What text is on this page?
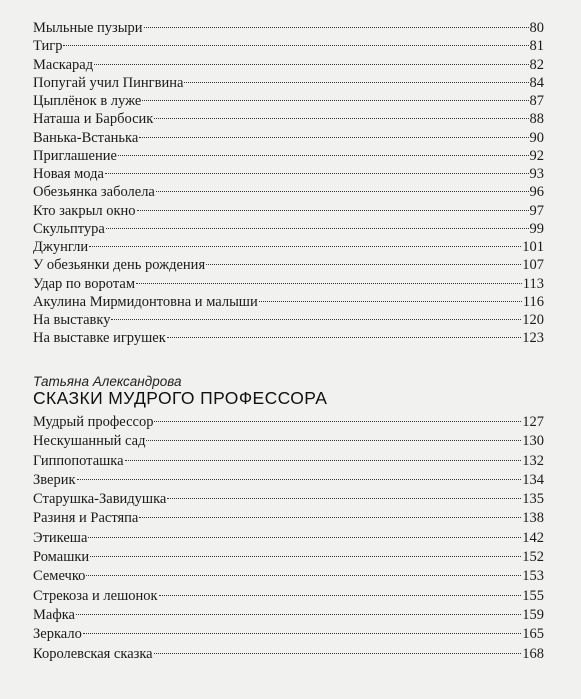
Мыльные пузыри	80
Тигр	81
Маскарад	82
Попугай учил Пингвина	84
Цыплёнок в луже	87
Наташа и Барбосик	88
Ванька-Встанька	90
Приглашение	92
Новая мода	93
Обезьянка заболела	96
Кто закрыл окно	97
Скульптура	99
Джунгли	101
У обезьянки день рождения	107
Удар по воротам	113
Акулина Мирмидонтовна и малыши	116
На выставку	120
На выставке игрушек	123
Татьяна Александрова
СКАЗКИ МУДРОГО ПРОФЕССОРА
Мудрый профессор	127
Нескушанный сад	130
Гиппопоташка	132
Зверик	134
Старушка-Завидушка	135
Разиня и Растяпа	138
Этикеша	142
Ромашки	152
Семечко	153
Стрекоза и лешонок	155
Мафка	159
Зеркало	165
Королевская сказка	168
